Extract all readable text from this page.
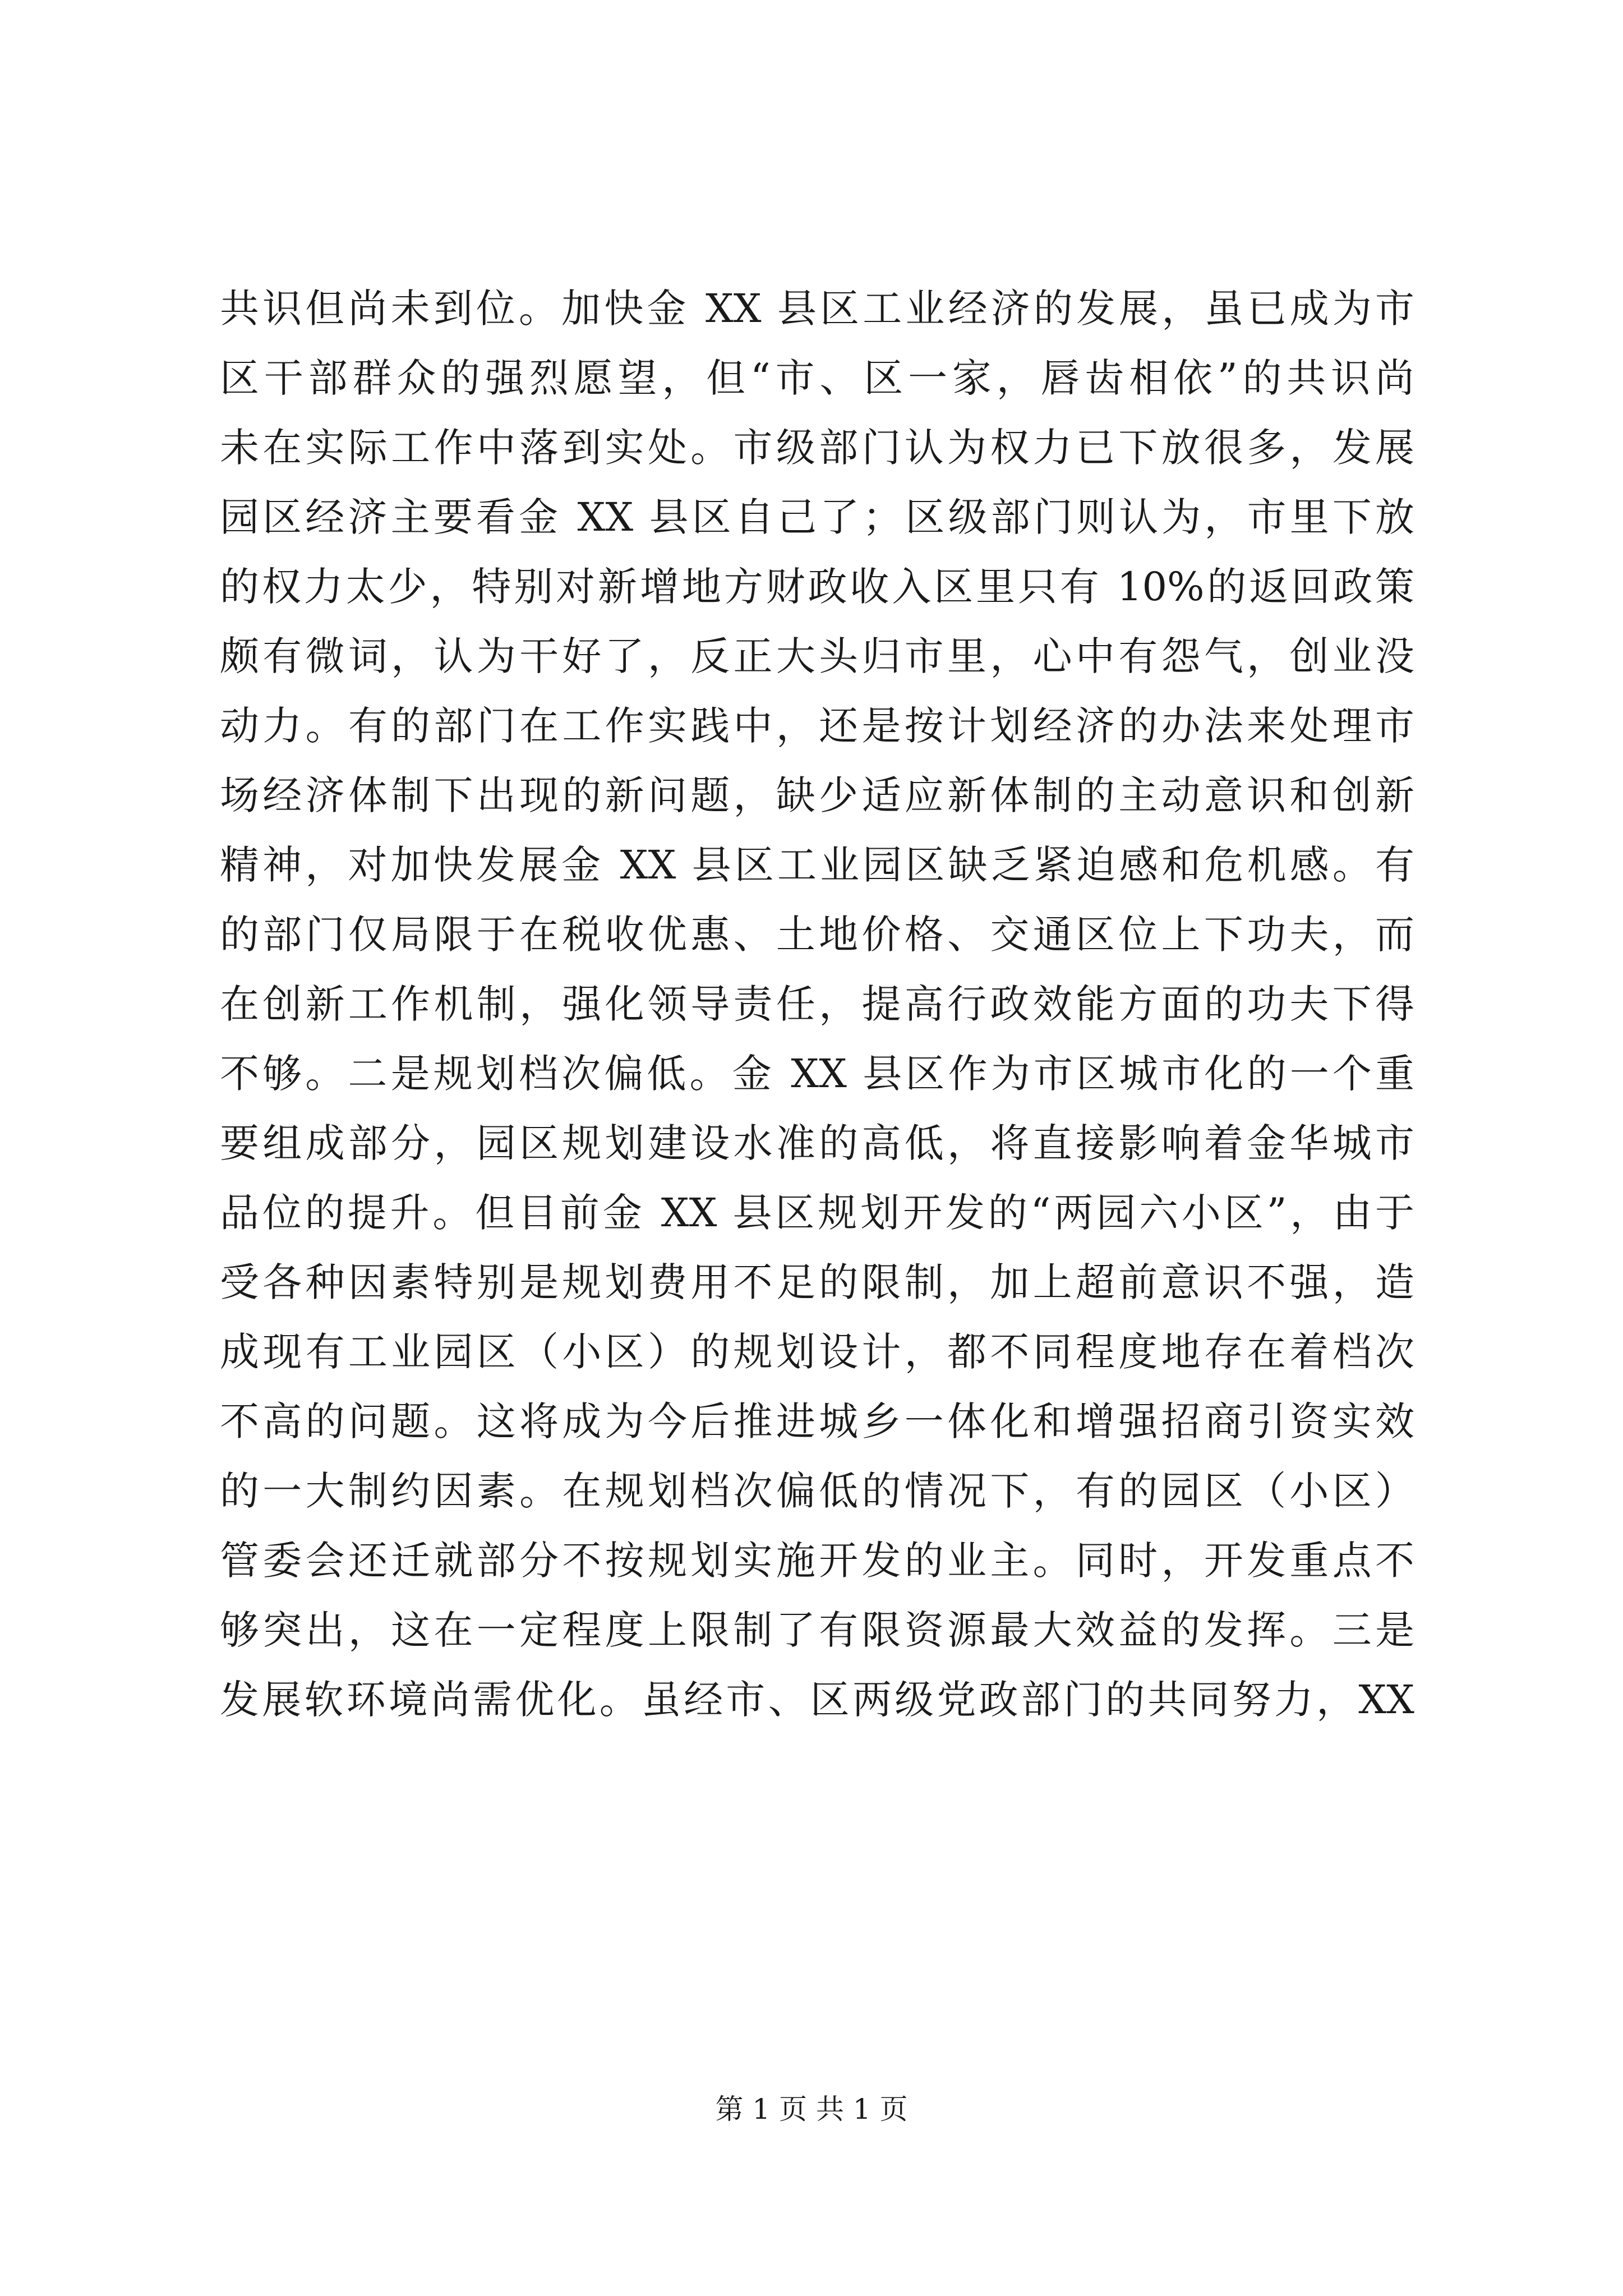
共识但尚未到位。加快金 XX 县区工业经济的发展，虽已成为市
区干部群众的强烈愿望，但“市、区一家，唇齿相依”的共识尚
未在实际工作中落到实处。市级部门认为权力已下放很多，发展
园区经济主要看金 XX 县区自己了；区级部门则认为，市里下放
的权力太少，特别对新增地方财政收入区里只有 10%的返回政策
颇有微词，认为干好了，反正大头归市里，心中有怨气，创业没
动力。有的部门在工作实践中，还是按计划经济的办法来处理市
场经济体制下出现的新问题，缺少适应新体制的主动意识和创新
精神，对加快发展金 XX 县区工业园区缺乏紧迫感和危机感。有
的部门仅局限于在税收优惠、土地价格、交通区位上下功夫，而
在创新工作机制，强化领导责任，提高行政效能方面的功夫下得
不够。二是规划档次偏低。金 XX 县区作为市区城市化的一个重
要组成部分，园区规划建设水准的高低，将直接影响着金华城市
品位的提升。但目前金 XX 县区规划开发的“两园六小区”，由于
受各种因素特别是规划费用不足的限制，加上超前意识不强，造
成现有工业园区（小区）的规划设计，都不同程度地存在着档次
不高的问题。这将成为今后推进城乡一体化和增强招商引资实效
的一大制约因素。在规划档次偏低的情况下，有的园区（小区）
管委会还迁就部分不按规划实施开发的业主。同时，开发重点不
够突出，这在一定程度上限制了有限资源最大效益的发挥。三是
发展软环境尚需优化。虽经市、区两级党政部门的共同努力，XX
第 1 页 共 1 页
